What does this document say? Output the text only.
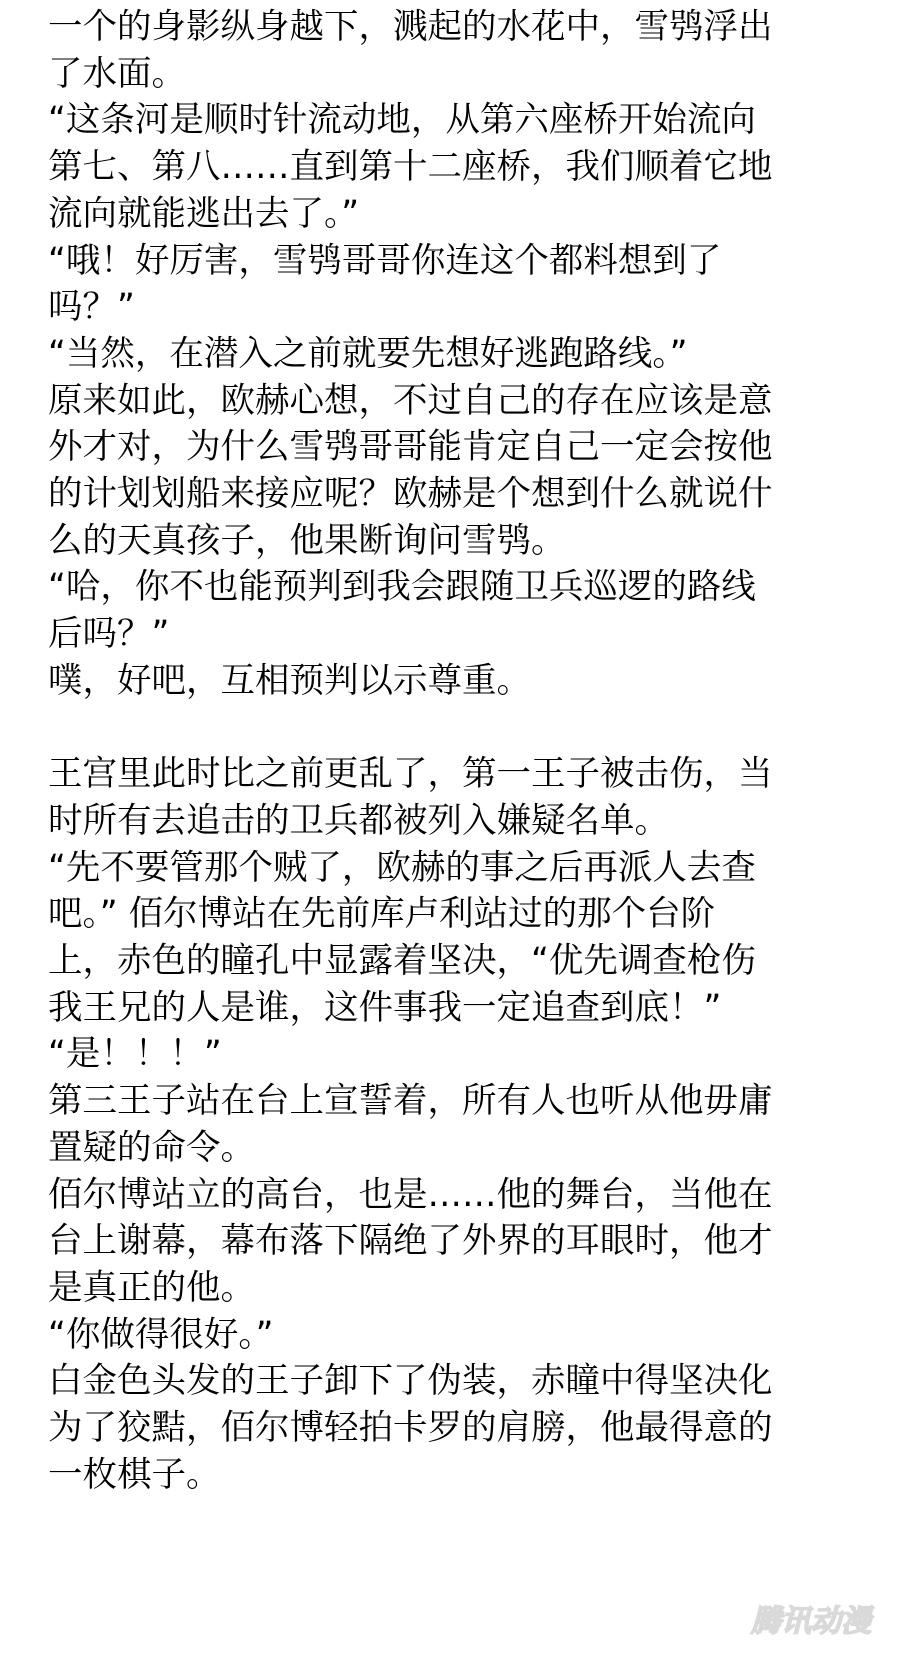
一个的身影纵身越下，溅起的水花中，雪鸮浮出

了水面。

“这条河是顺时针流动地，从第六座桥开始流向

第七、第八……直到第十二座桥，我们顺着它地

流向就能逃出去了。”

“哦！好厉害，雪鸮哥哥你连这个都料想到了

吗？”

“当然，在潜入之前就要先想好逃跑路线。”

原来如此，欧赫心想，不过自己的存在应该是意

外才对，为什么雪鸮哥哥能肯定自己一定会按他

的计划划船来接应呢？欧赫是个想到什么就说什

么的天真孩子，他果断询问雪鸮。

“哈，你不也能预判到我会跟随卫兵巡逻的路线

后吗？”

噗，好吧，互相预判以示尊重。

王宫里此时比之前更乱了，第一王子被击伤，当

时所有去追击的卫兵都被列入嫌疑名单。

“先不要管那个贼了，欧赫的事之后再派人去查

吧。” 佰尔博站在先前库卢利站过的那个台阶

上，赤色的瞳孔中显露着坚决，“优先调查枪伤

我王兄的人是谁，这件事我一定追查到底！”

“是！！！”

第三王子站在台上宣誓着，所有人也听从他毋庸

置疑的命令。

佰尔博站立的高台，也是……他的舞台，当他在

台上谢幕，幕布落下隔绝了外界的耳眼时，他才

是真正的他。

“你做得很好。”

白金色头发的王子卸下了伪装，赤瞳中得坚决化

为了狡黠，佰尔博轻拍卡罗的肩膀，他最得意的

一枚棋子。

腾讯动漫
